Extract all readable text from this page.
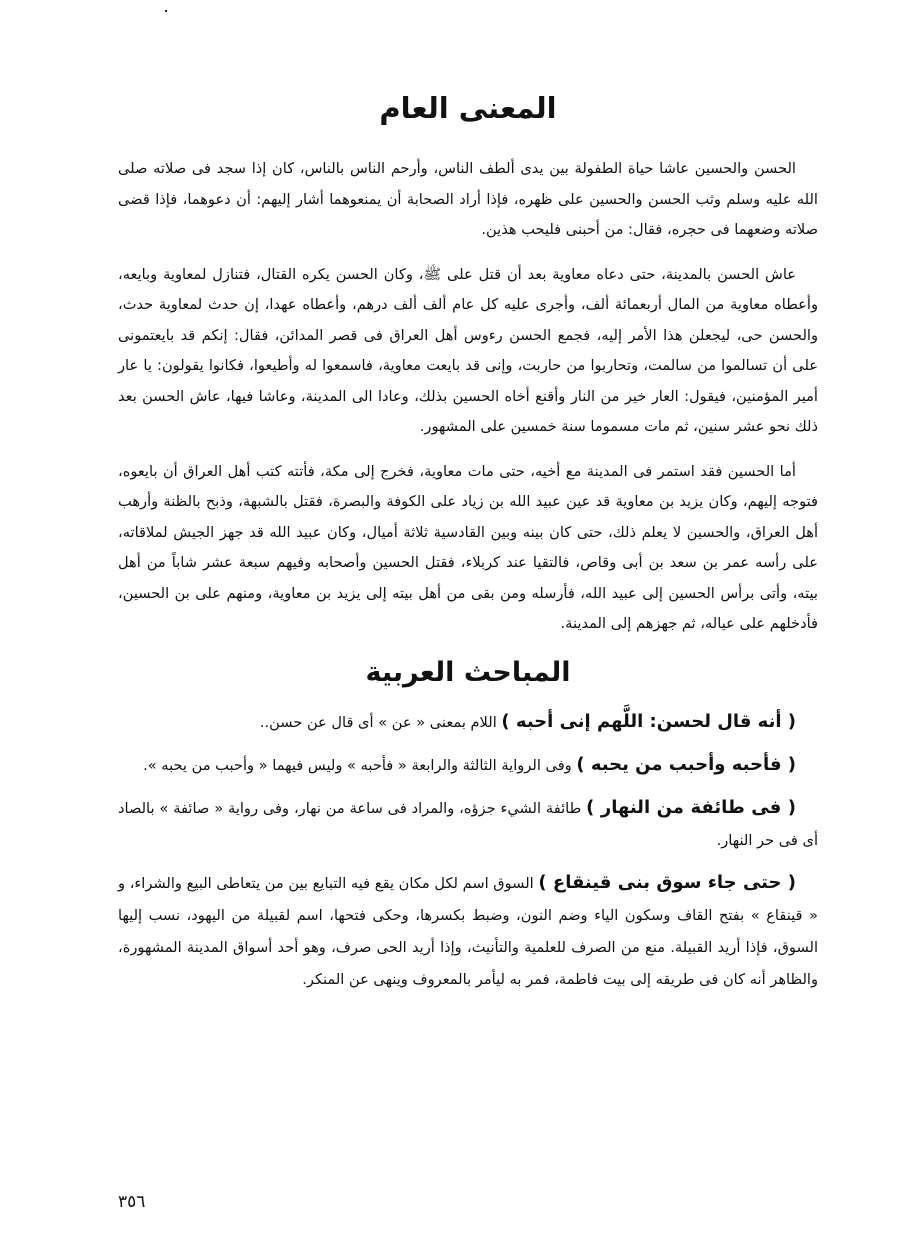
المعنى العام

الحسن والحسين عاشا حياة الطفولة بين يدى ألطف الناس، وأرحم الناس بالناس، كان إذا سجد فى صلاته صلى الله عليه وسلم وثب الحسن والحسين على ظهره، فإذا أراد الصحابة أن يمنعوهما أشار إليهم: أن دعوهما، فإذا قضى صلاته وضعهما فى حجره، فقال: من أحبنى فليحب هذين.

عاش الحسن بالمدينة، حتى دعاه معاوية بعد أن قتل على ﷺ، وكان الحسن يكره القتال، فتنازل لمعاوية وبايعه، وأعطاه معاوية من المال أربعمائة ألف، وأجرى عليه كل عام ألف ألف درهم، وأعطاه عهدا، إن حدث لمعاوية حدث، والحسن حى، ليجعلن هذا الأمر إليه، فجمع الحسن رءوس أهل العراق فى قصر المدائن، فقال: إنكم قد بايعتمونى على أن تسالموا من سالمت، وتحاربوا من حاربت، وإنى قد بايعت معاوية، فاسمعوا له وأطيعوا، فكانوا يقولون: يا عار أمير المؤمنين، فيقول: العار خير من النار وأقنع أخاه الحسين بذلك، وعادا الى المدينة، وعاشا فيها، عاش الحسن بعد ذلك نحو عشر سنين، ثم مات مسموما سنة خمسين على المشهور.

أما الحسين فقد استمر فى المدينة مع أخيه، حتى مات معاوية، فخرج إلى مكة، فأتته كتب أهل العراق أن بايعوه، فتوجه إليهم، وكان يزيد بن معاوية قد عين عبيد الله بن زياد على الكوفة والبصرة، فقتل بالشبهة، وذبح بالظنة وأرهب أهل العراق، والحسين لا يعلم ذلك، حتى كان بينه وبين القادسية ثلاثة أميال، وكان عبيد الله قد جهز الجيش لملاقاته، على رأسه عمر بن سعد بن أبى وقاص، فالتقيا عند كربلاء، فقتل الحسين وأصحابه وفيهم سبعة عشر شاباً من أهل بيته، وأتى برأس الحسين إلى عبيد الله، فأرسله ومن بقى من أهل بيته إلى يزيد بن معاوية، ومنهم على بن الحسين، فأدخلهم على عياله، ثم جهزهم إلى المدينة.

المباحث العربية

( أنه قال لحسن: اللَّهم إنى أحبه ) اللام بمعنى « عن » أى قال عن حسن..

( فأحبه وأحبب من يحبه ) وفى الرواية الثالثة والرابعة « فأحبه » وليس فيهما « وأحبب من يحبه ».

( فى طائفة من النهار ) طائفة الشيء جزؤه، والمراد فى ساعة من نهار، وفى رواية « صائفة » بالصاد أى فى حر النهار.

( حتى جاء سوق بنى قينقاع ) السوق اسم لكل مكان يقع فيه التبايع بين من يتعاطى البيع والشراء، و « قينقاع » بفتح القاف وسكون الياء وضم النون، وضبط بكسرها، وحكى فتحها، اسم لقبيلة من اليهود، نسب إليها السوق، فإذا أريد القبيلة. منع من الصرف للعلمية والتأنيث، وإذا أريد الحى صرف، وهو أحد أسواق المدينة المشهورة، والظاهر أنه كان فى طريقه إلى بيت فاطمة، فمر به ليأمر بالمعروف وينهى عن المنكر.

٣٥٦
